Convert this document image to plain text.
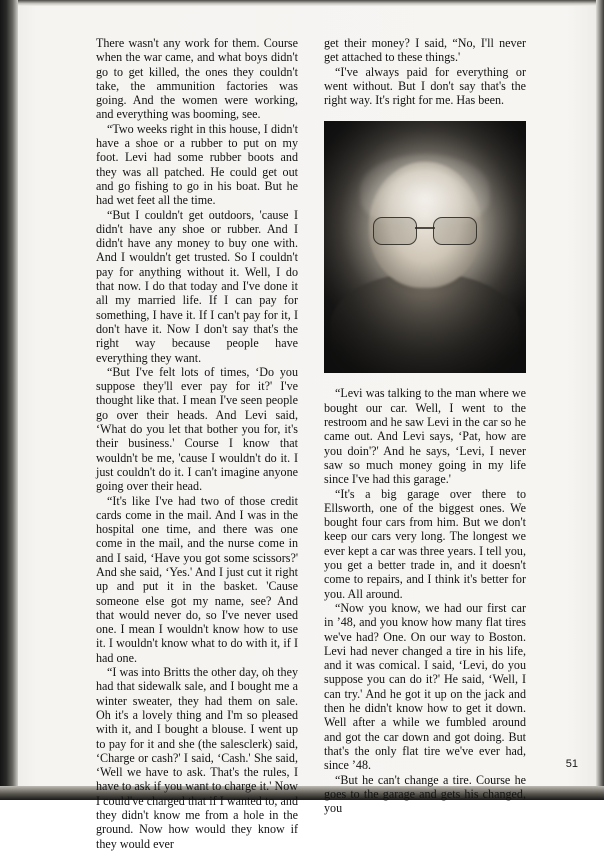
There wasn't any work for them. Course when the war came, and what boys didn't go to get killed, the ones they couldn't take, the ammunition factories was going. And the women were working, and everything was booming, see.

“Two weeks right in this house, I didn't have a shoe or a rubber to put on my foot. Levi had some rubber boots and they was all patched. He could get out and go fishing to go in his boat. But he had wet feet all the time.

“But I couldn't get outdoors, 'cause I didn't have any shoe or rubber. And I didn't have any money to buy one with. And I wouldn't get trusted. So I couldn't pay for anything without it. Well, I do that now. I do that today and I've done it all my married life. If I can pay for something, I have it. If I can't pay for it, I don't have it. Now I don't say that's the right way because people have everything they want.

“But I've felt lots of times, ‘Do you suppose they'll ever pay for it?' I've thought like that. I mean I've seen people go over their heads. And Levi said, ‘What do you let that bother you for, it's their business.' Course I know that wouldn't be me, 'cause I wouldn't do it. I just couldn't do it. I can't imagine anyone going over their head.

“It's like I've had two of those credit cards come in the mail. And I was in the hospital one time, and there was one come in the mail, and the nurse come in and I said, ‘Have you got some scissors?' And she said, ‘Yes.' And I just cut it right up and put it in the basket. 'Cause someone else got my name, see? And that would never do, so I've never used one. I mean I wouldn't know how to use it. I wouldn't know what to do with it, if I had one.

“I was into Britts the other day, oh they had that sidewalk sale, and I bought me a winter sweater, they had them on sale. Oh it's a lovely thing and I'm so pleased with it, and I bought a blouse. I went up to pay for it and she (the salesclerk) said, ‘Charge or cash?' I said, ‘Cash.' She said, ‘Well we have to ask. That's the rules, I have to ask if you want to charge it.' Now I could've charged that if I wanted to, and they didn't know me from a hole in the ground. Now how would they know if they would ever

get their money? I said, “No, I'll never get attached to these things.'

“I've always paid for everything or went without. But I don't say that's the right way. It's right for me. Has been.

“Levi was talking to the man where we bought our car. Well, I went to the restroom and he saw Levi in the car so he came out. And Levi says, ‘Pat, how are you doin'?' And he says, ‘Levi, I never saw so much money going in my life since I've had this garage.'

“It's a big garage over there to Ellsworth, one of the biggest ones. We bought four cars from him. But we don't keep our cars very long. The longest we ever kept a car was three years. I tell you, you get a better trade in, and it doesn't come to repairs, and I think it's better for you. All around.

“Now you know, we had our first car in ’48, and you know how many flat tires we've had? One. On our way to Boston. Levi had never changed a tire in his life, and it was comical. I said, ‘Levi, do you suppose you can do it?' He said, ‘Well, I can try.' And he got it up on the jack and then he didn't know how to get it down. Well after a while we fumbled around and got the car down and got doing. But that's the only flat tire we've ever had, since ’48.

“But he can't change a tire. Course he goes to the garage and gets his changed, you

51
